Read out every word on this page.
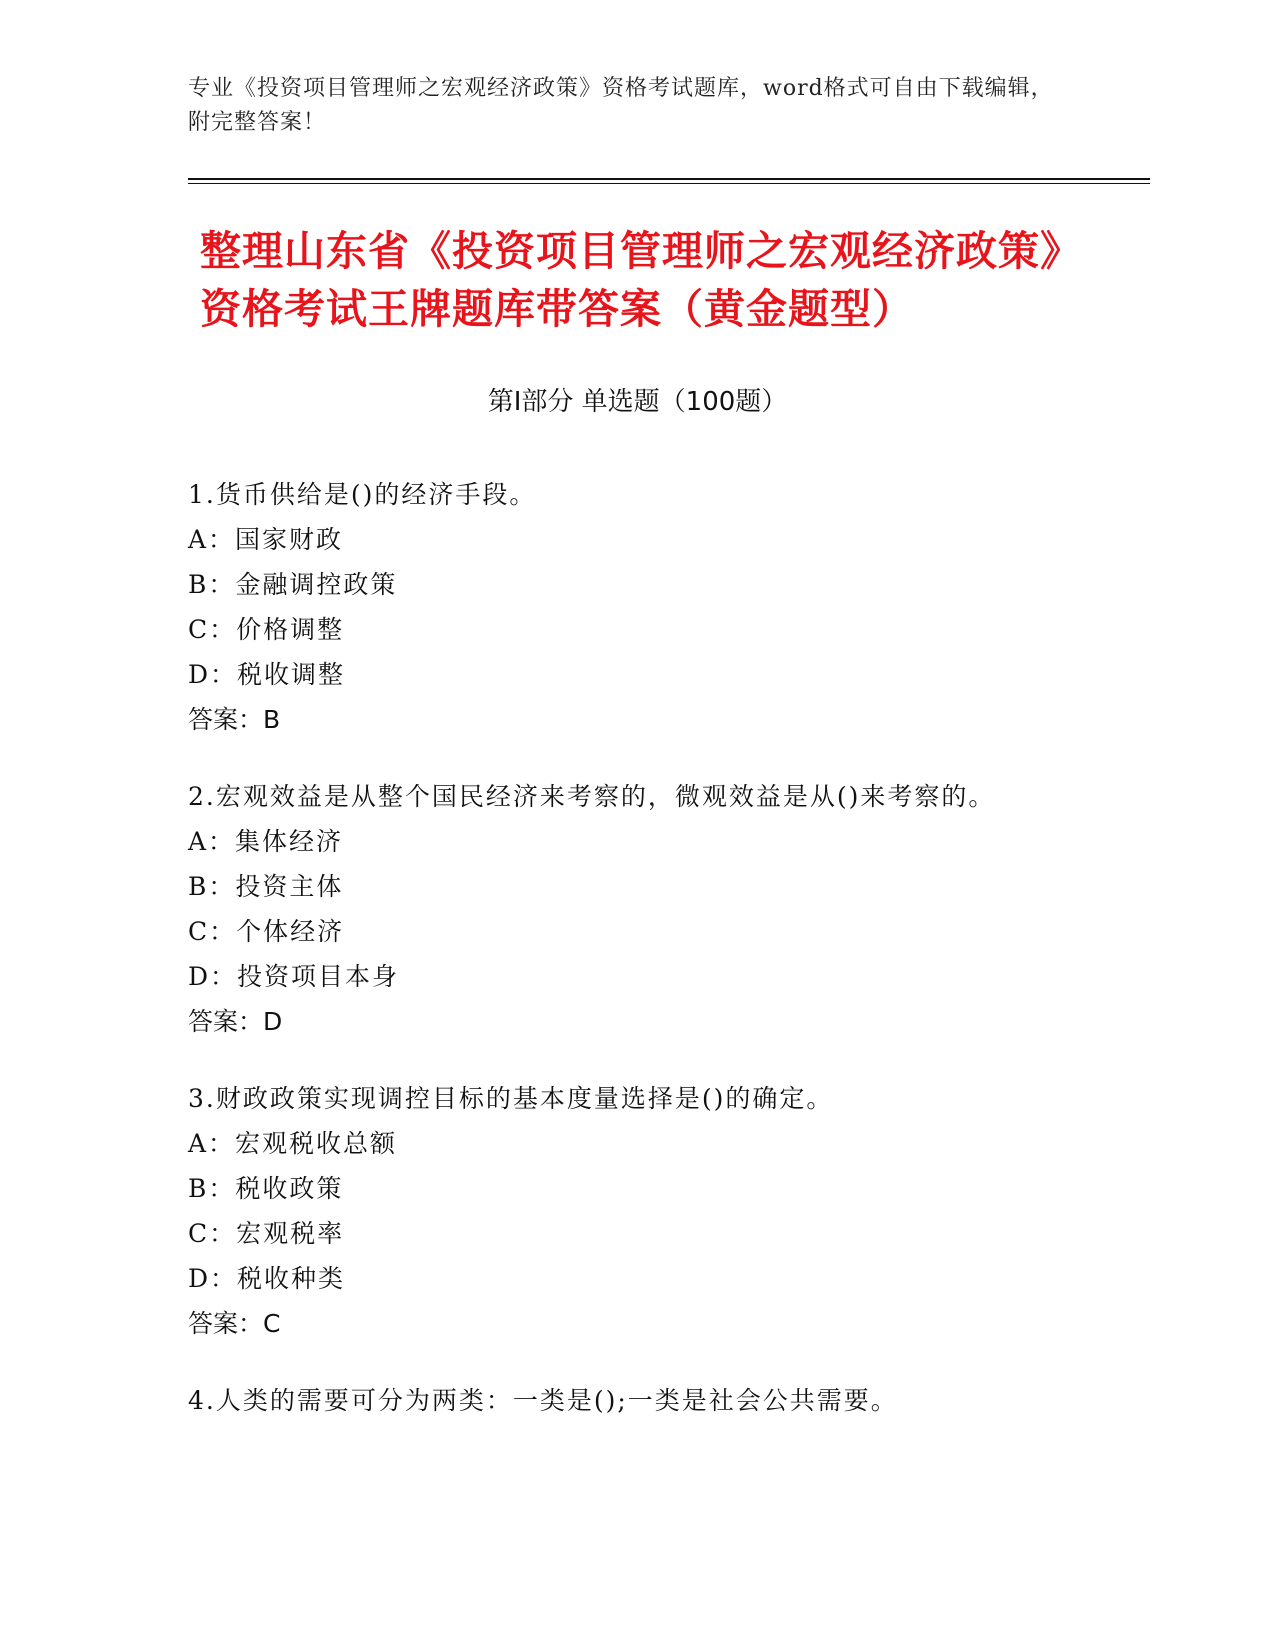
专业《投资项目管理师之宏观经济政策》资格考试题库，word格式可自由下载编辑，附完整答案！
整理山东省《投资项目管理师之宏观经济政策》资格考试王牌题库带答案（黄金题型）
第Ⅰ部分 单选题（100题）
1.货币供给是()的经济手段。
A：国家财政
B：金融调控政策
C：价格调整
D：税收调整
答案：B
2.宏观效益是从整个国民经济来考察的，微观效益是从()来考察的。
A：集体经济
B：投资主体
C：个体经济
D：投资项目本身
答案：D
3.财政政策实现调控目标的基本度量选择是()的确定。
A：宏观税收总额
B：税收政策
C：宏观税率
D：税收种类
答案：C
4.人类的需要可分为两类：一类是();一类是社会公共需要。
